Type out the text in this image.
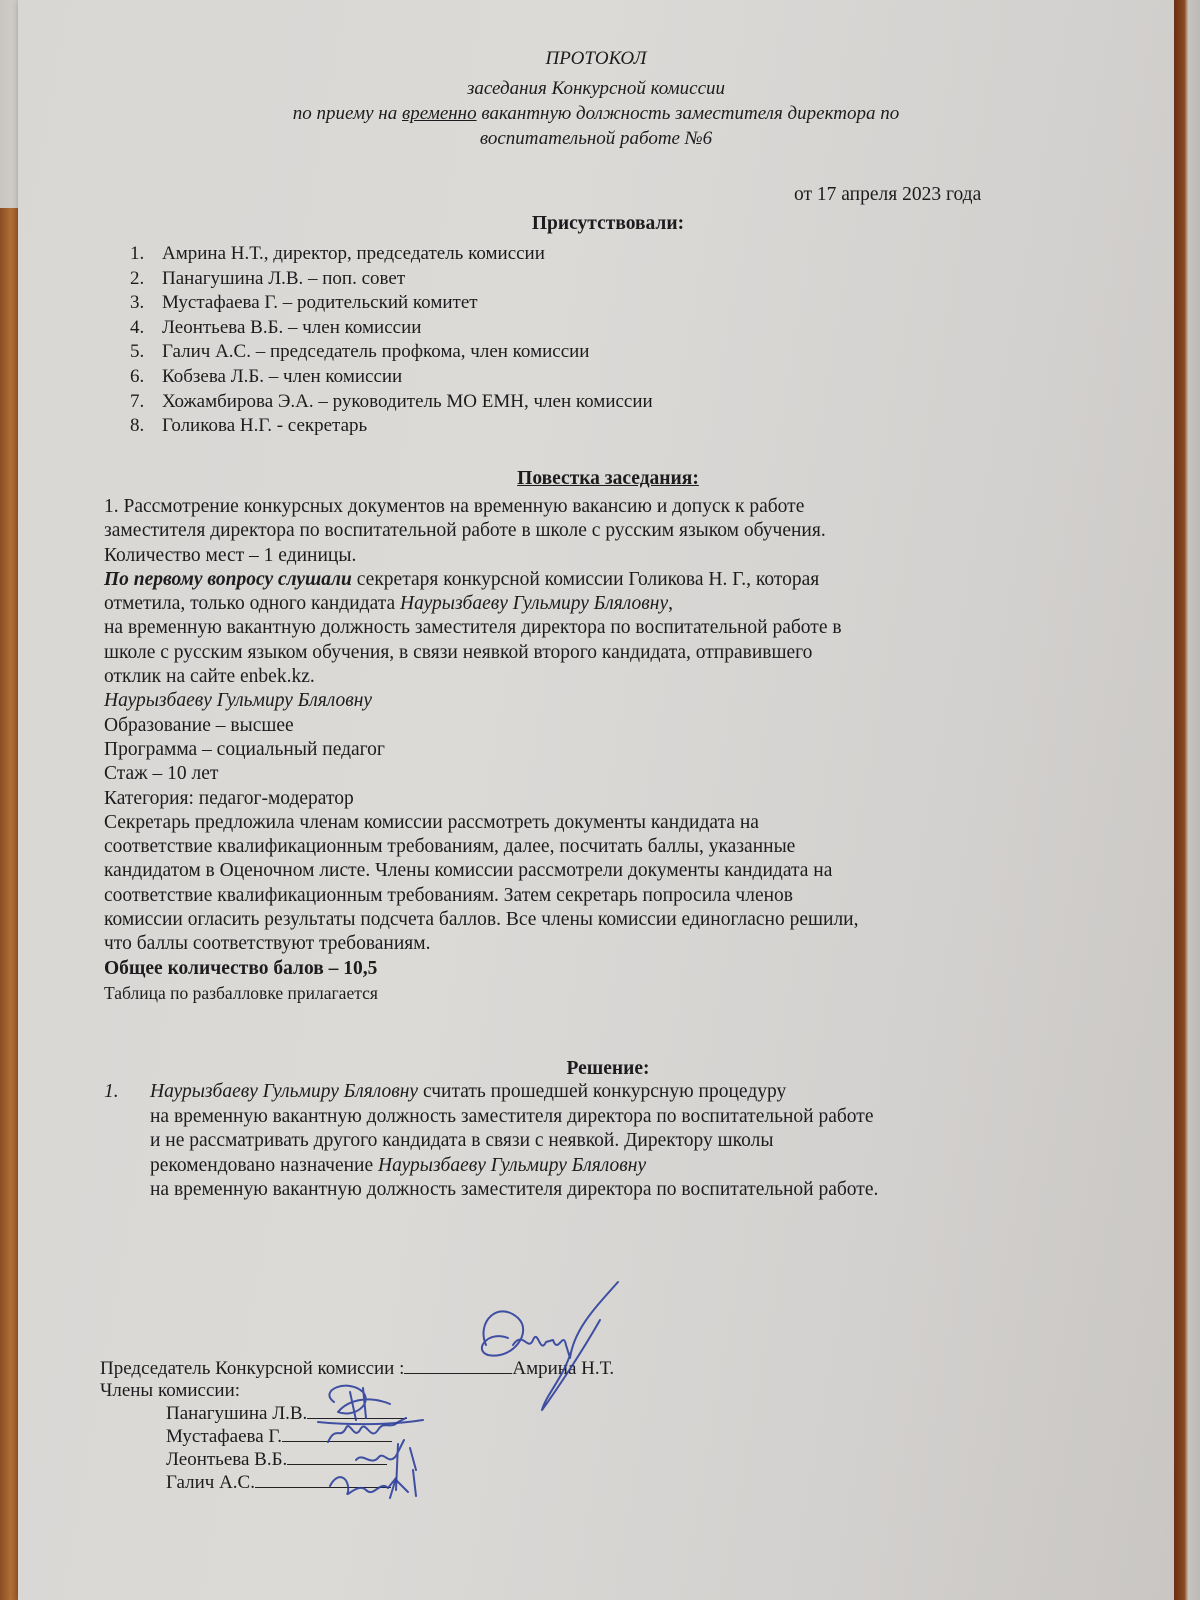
ПРОТОКОЛ
заседания Конкурсной комиссии
по приему на временно вакантную должность заместителя директора по
воспитательной работе №6
от 17 апреля 2023 года
Присутствовали:
1. Амрина Н.Т., директор, председатель комиссии
2. Панагушина Л.В. – поп. совет
3. Мустафаева Г. – родительский комитет
4. Леонтьева В.Б. – член комиссии
5. Галич А.С. – председатель профкома, член комиссии
6. Кобзева Л.Б. – член комиссии
7. Хожамбирова Э.А. – руководитель МО ЕМН, член комиссии
8. Голикова Н.Г. - секретарь
Повестка заседания:
1. Рассмотрение конкурсных документов на временную вакансию и допуск к работе
заместителя директора по воспитательной работе в школе с русским языком обучения.
Количество мест – 1 единицы.
По первому вопросу слушали секретаря конкурсной комиссии Голикова Н. Г., которая
отметила, только одного кандидата Наурызбаеву Гульмиру Бляловну,
на временную вакантную должность заместителя директора по воспитательной работе в
школе с русским языком обучения, в связи неявкой второго кандидата, отправившего
отклик на сайте enbek.kz.
Наурызбаеву Гульмиру Бляловну
Образование – высшее
Программа – социальный педагог
Стаж – 10 лет
Категория: педагог-модератор
Секретарь предложила членам комиссии рассмотреть документы кандидата на
соответствие квалификационным требованиям, далее, посчитать баллы, указанные
кандидатом в Оценочном листе. Члены комиссии рассмотрели документы кандидата на
соответствие квалификационным требованиям. Затем секретарь попросила членов
комиссии огласить результаты подсчета баллов. Все члены комиссии единогласно решили,
что баллы соответствуют требованиям.
Общее количество балов – 10,5
Таблица по разбалловке прилагается
Решение:
1. Наурызбаеву Гульмиру Бляловну считать прошедшей конкурсную процедуру
на временную вакантную должность заместителя директора по воспитательной работе
и не рассматривать другого кандидата в связи с неявкой. Директору школы
рекомендовано назначение Наурызбаеву Гульмиру Бляловну
на временную вакантную должность заместителя директора по воспитательной работе.
Председатель Конкурсной комиссии :	Амрина Н.Т.
Члены комиссии:
Панагушина Л.В.
Мустафаева Г.
Леонтьева В.Б.
Галич А.С.
